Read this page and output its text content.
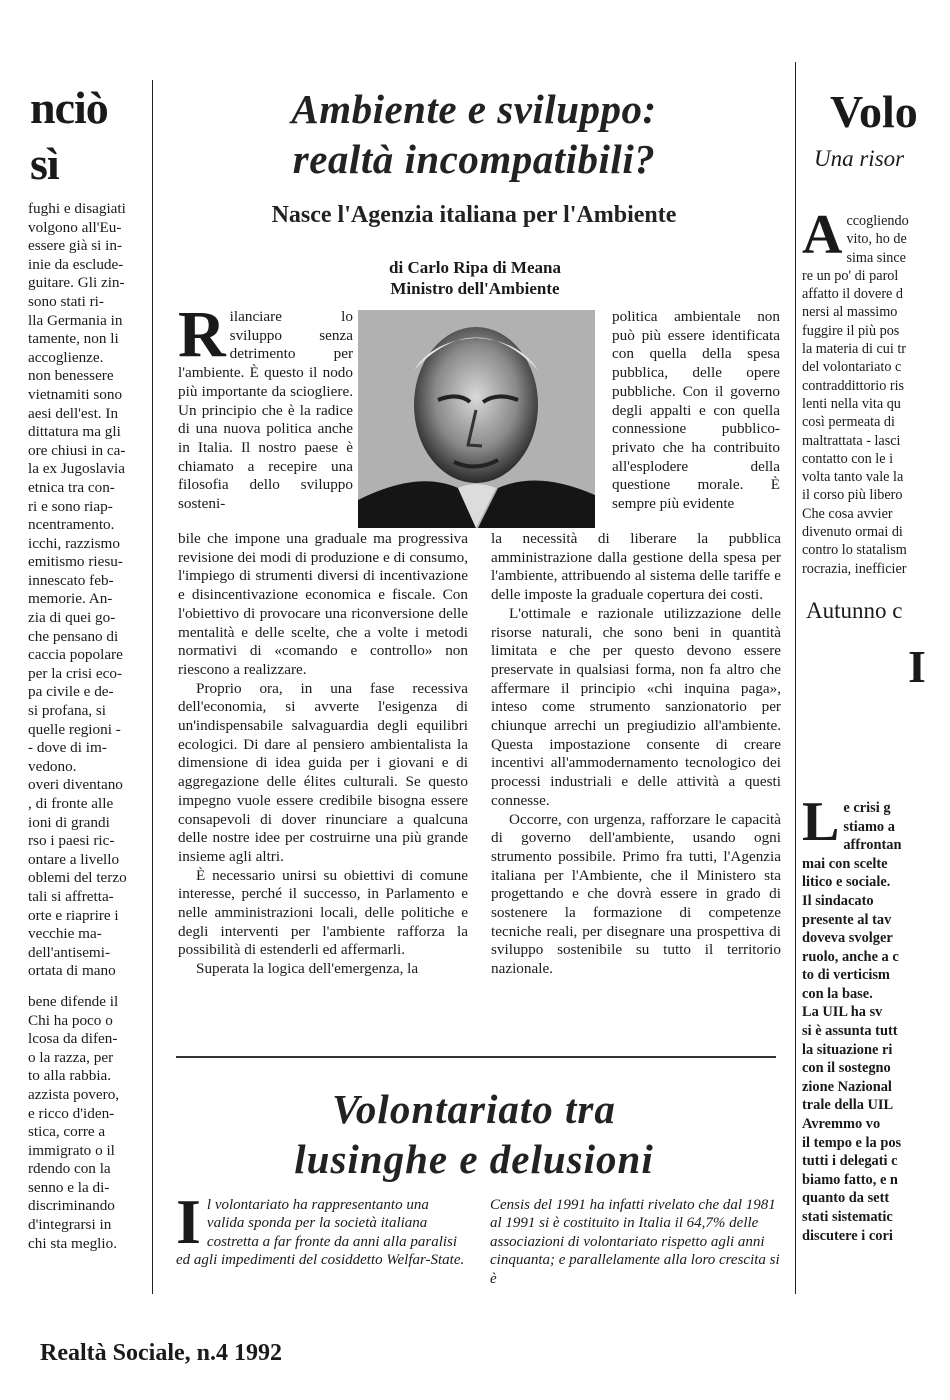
nciò
sì

fughi e disagiati

volgono all'Eu-

essere già si in-

inie da esclude-

guitare. Gli zin-

sono stati ri-

lla Germania in

tamente, non li

accoglienze.

non benessere

vietnamiti sono

aesi dell'est. In

dittatura ma gli

ore chiusi in ca-

la ex Jugoslavia

etnica tra con-

ri e sono riap-

ncentramento.

icchi, razzismo

emitismo riesu-

innescato feb-

memorie. An-

zia di quei go-

che pensano di

caccia popolare

per la crisi eco-

pa civile e de-

si profana, si

quelle regioni -

- dove di im-

vedono.

overi diventano

, di fronte alle

ioni di grandi

rso i paesi ric-

ontare a livello

oblemi del terzo

tali si affretta-

orte e riaprire i

vecchie ma-

dell'antisemi-

ortata di mano

bene difende il

Chi ha poco o

lcosa da difen-

o la razza, per

to alla rabbia.

azzista povero,

e ricco d'iden-

stica, corre a

immigrato o il

rdendo con la

senno e la di-

discriminando

d'integrarsi in

chi sta meglio.

Ambiente e sviluppo:
realtà incompatibili?
Nasce l'Agenzia italiana per l'Ambiente
di Carlo Ripa di Meana
Ministro dell'Ambiente
R ilanciare lo sviluppo senza detrimento per l'ambiente. È questo il nodo più importante da sciogliere. Un principio che è la radice di una nuova politica anche in Italia. Il nostro paese è chiamato a recepire una filosofia dello sviluppo sosteni-

politica ambientale non può più essere identificata con quella della spesa pubblica, delle opere pubbliche. Con il governo degli appalti e con quella connessione pubblico-privato che ha contribuito all'esplodere della questione morale. È sempre più evidente

bile che impone una graduale ma progressiva revisione dei modi di produzione e di consumo, l'impiego di strumenti diversi di incentivazione e disincentivazione economica e fiscale. Con l'obiettivo di provocare una riconversione delle mentalità e delle scelte, che a volte i metodi normativi di «comando e controllo» non riescono a realizzare.

Proprio ora, in una fase recessiva dell'economia, si avverte l'esigenza di un'indispensabile salvaguardia degli equilibri ecologici. Di dare al pensiero ambientalista la dimensione di idea guida per i giovani e di aggregazione delle élites culturali. Se questo impegno vuole essere credibile bisogna essere consapevoli di dover rinunciare a qualcuna delle nostre idee per costruirne una più grande insieme agli altri.

È necessario unirsi su obiettivi di comune interesse, perché il successo, in Parlamento e nelle amministrazioni locali, delle politiche e degli interventi per l'ambiente rafforza la possibilità di estenderli ed affermarli.

Superata la logica dell'emergenza, la

la necessità di liberare la pubblica amministrazione dalla gestione della spesa per l'ambiente, attribuendo al sistema delle tariffe e delle imposte la graduale copertura dei costi.

L'ottimale e razionale utilizzazione delle risorse naturali, che sono beni in quantità limitata e che per questo devono essere preservate in qualsiasi forma, non fa altro che affermare il principio «chi inquina paga», inteso come strumento sanzionatorio per chiunque arrechi un pregiudizio all'ambiente. Questa impostazione consente di creare incentivi all'ammodernamento tecnologico dei processi industriali e delle attività a questi connesse.

Occorre, con urgenza, rafforzare le capacità di governo dell'ambiente, usando ogni strumento possibile. Primo fra tutti, l'Agenzia italiana per l'Ambiente, che il Ministero sta progettando e che dovrà essere in grado di sostenere la formazione di competenze tecniche reali, per disegnare una prospettiva di sviluppo sostenibile su tutto il territorio nazionale.

Volontariato tra
lusinghe e delusioni
I l volontariato ha rappresentanto una valida sponda per la società italiana costretta a far fronte da anni alla paralisi ed agli impedimenti del cosiddetto Welfar-State.
Censis del 1991 ha infatti rivelato che dal 1981 al 1991 si è costituito in Italia il 64,7% delle associazioni di volontariato rispetto agli anni cinquanta; e parallelamente alla loro crescita si è
Volo
Una risor
A ccogliendo

vito, ho de

sima since

re un po' di parol

affatto il dovere d

nersi al massimo

fuggire il più pos

la materia di cui tr

del volontariato c

contraddittorio ris

lenti nella vita qu

così permeata di

maltrattata - lasci

contatto con le i

volta tanto vale la

il corso più libero

Che cosa avvier

divenuto ormai di

contro lo statalism

rocrazia, inefficier

Autunno c
I
L e crisi g

stiamo a

affrontan

mai con scelte

litico e sociale.

Il sindacato

presente al tav

doveva svolger

ruolo, anche a c

to di verticism

con la base.

La UIL ha sv

si è assunta tutt

la situazione ri

con il sostegno

zione Nazional

trale della UIL

Avremmo vo

il tempo e la pos

tutti i delegati c

biamo fatto, e n

quanto da sett

stati sistematic

discutere i cori

Realtà Sociale, n.4 1992
